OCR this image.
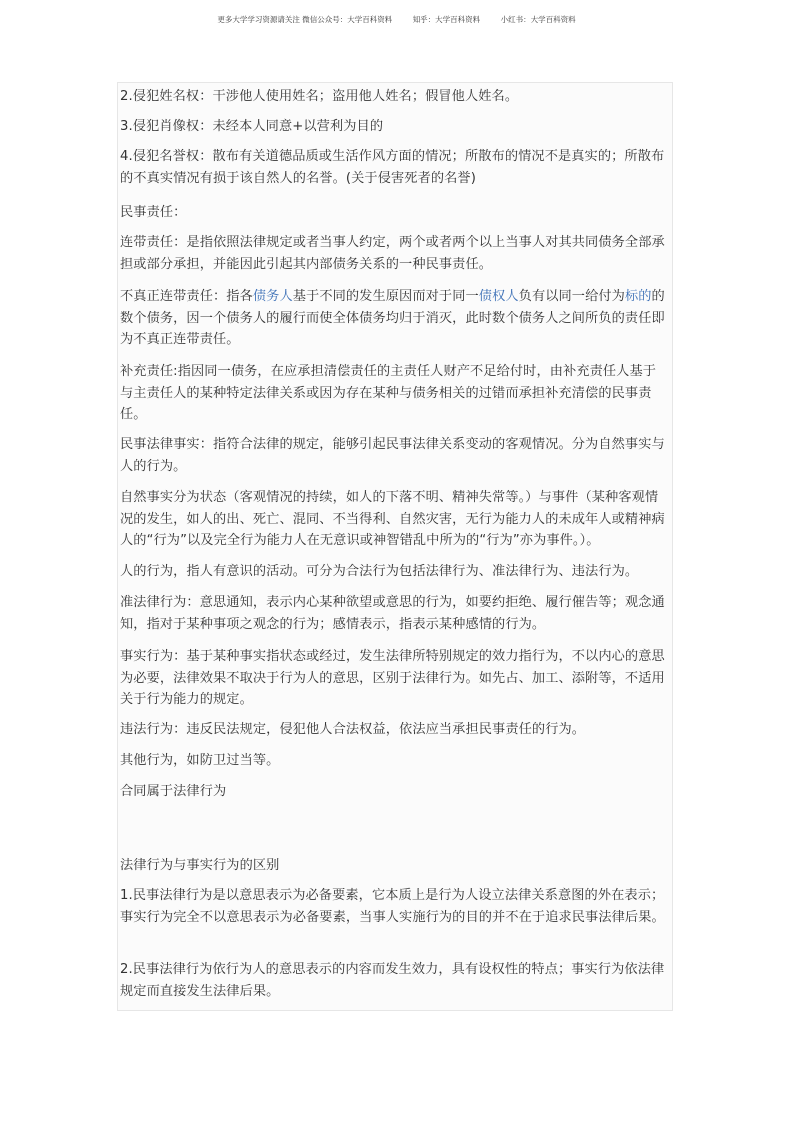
更多大学学习资源请关注 微信公众号：大学百科资料	知乎：大学百科资料	小红书：大学百科资料

2.侵犯姓名权：干涉他人使用姓名；盗用他人姓名；假冒他人姓名。

3.侵犯肖像权：未经本人同意+以营利为目的

4.侵犯名誉权：散布有关道德品质或生活作风方面的情况；所散布的情况不是真实的；所散布的不真实情况有损于该自然人的名誉。(关于侵害死者的名誉)

民事责任：

连带责任：是指依照法律规定或者当事人约定，两个或者两个以上当事人对其共同债务全部承担或部分承担，并能因此引起其内部债务关系的一种民事责任。

不真正连带责任：指各债务人基于不同的发生原因而对于同一债权人负有以同一给付为标的的数个债务，因一个债务人的履行而使全体债务均归于消灭，此时数个债务人之间所负的责任即为不真正连带责任。

补充责任:指因同一债务，在应承担清偿责任的主责任人财产不足给付时，由补充责任人基于与主责任人的某种特定法律关系或因为存在某种与债务相关的过错而承担补充清偿的民事责任。

民事法律事实：指符合法律的规定，能够引起民事法律关系变动的客观情况。分为自然事实与人的行为。

自然事实分为状态（客观情况的持续，如人的下落不明、精神失常等。）与事件（某种客观情况的发生，如人的出、死亡、混同、不当得利、自然灾害，无行为能力人的未成年人或精神病人的“行为”以及完全行为能力人在无意识或神智错乱中所为的“行为”亦为事件。）。

人的行为，指人有意识的活动。可分为合法行为包括法律行为、准法律行为、违法行为。

准法律行为：意思通知，表示内心某种欲望或意思的行为，如要约拒绝、履行催告等；观念通知，指对于某种事项之观念的行为；感情表示，指表示某种感情的行为。

事实行为：基于某种事实指状态或经过，发生法律所特别规定的效力指行为，不以内心的意思为必要，法律效果不取决于行为人的意思，区别于法律行为。如先占、加工、添附等，不适用关于行为能力的规定。

违法行为：违反民法规定，侵犯他人合法权益，依法应当承担民事责任的行为。

其他行为，如防卫过当等。

合同属于法律行为

法律行为与事实行为的区别

1.民事法律行为是以意思表示为必备要素，它本质上是行为人设立法律关系意图的外在表示；事实行为完全不以意思表示为必备要素，当事人实施行为的目的并不在于追求民事法律后果。

2.民事法律行为依行为人的意思表示的内容而发生效力，具有设权性的特点；事实行为依法律规定而直接发生法律后果。
